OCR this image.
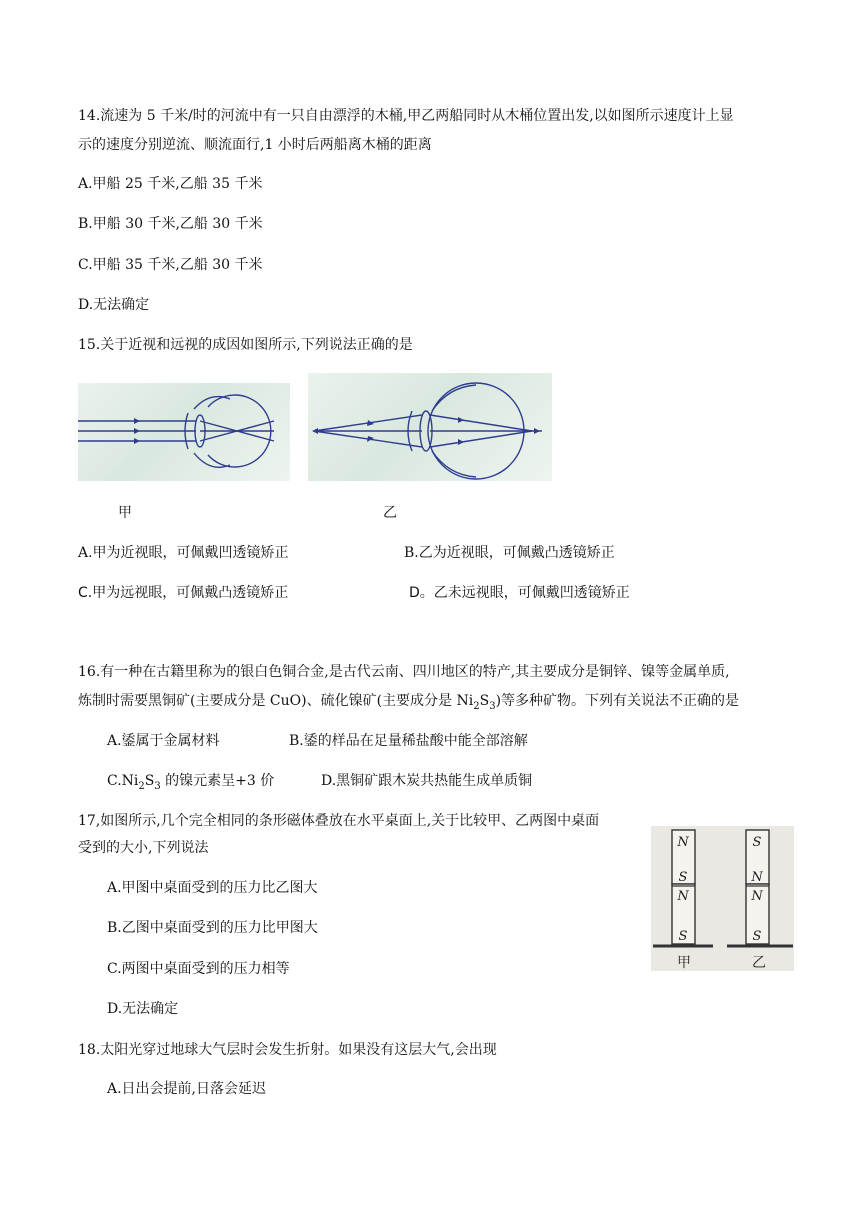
14.流速为 5 千米/时的河流中有一只自由漂浮的木桶,甲乙两船同时从木桶位置出发,以如图所示速度计上显
示的速度分别逆流、顺流面行,1 小时后两船离木桶的距离
A.甲船 25 千米,乙船 35 千米
B.甲船 30 千米,乙船 30 千米
C.甲船 35 千米,乙船 30 千米
D.无法确定
15.关于近视和远视的成因如图所示,下列说法正确的是
甲	乙
A.甲为近视眼，可佩戴凹透镜矫正	B.乙为近视眼，可佩戴凸透镜矫正
C.甲为远视眼，可佩戴凸透镜矫正	D。乙未远视眼，可佩戴凹透镜矫正
16.有一种在古籍里称为的银白色铜合金,是古代云南、四川地区的特产,其主要成分是铜锌、镍等金属单质,
炼制时需要黑铜矿(主要成分是 CuO)、硫化镍矿(主要成分是 $Ni_2S_3$)等多种矿物。下列有关说法不正确的是
A.鋈属于金属材料	B.鋈的样品在足量稀盐酸中能全部溶解
$C.Ni_2S_3$ 的镍元素呈+3 价	D.黑铜矿跟木炭共热能生成单质铜
17,如图所示,几个完全相同的条形磁体叠放在水平桌面上,关于比较甲、乙两图中桌面
受到的大小,下列说法
A.甲图中桌面受到的压力比乙图大
B.乙图中桌面受到的压力比甲图大
C.两图中桌面受到的压力相等
D.无法确定
N
S
N
S
S
N
N
S
甲	乙
18.太阳光穿过地球大气层时会发生折射。如果没有这层大气,会出现
A.日出会提前,日落会延迟
